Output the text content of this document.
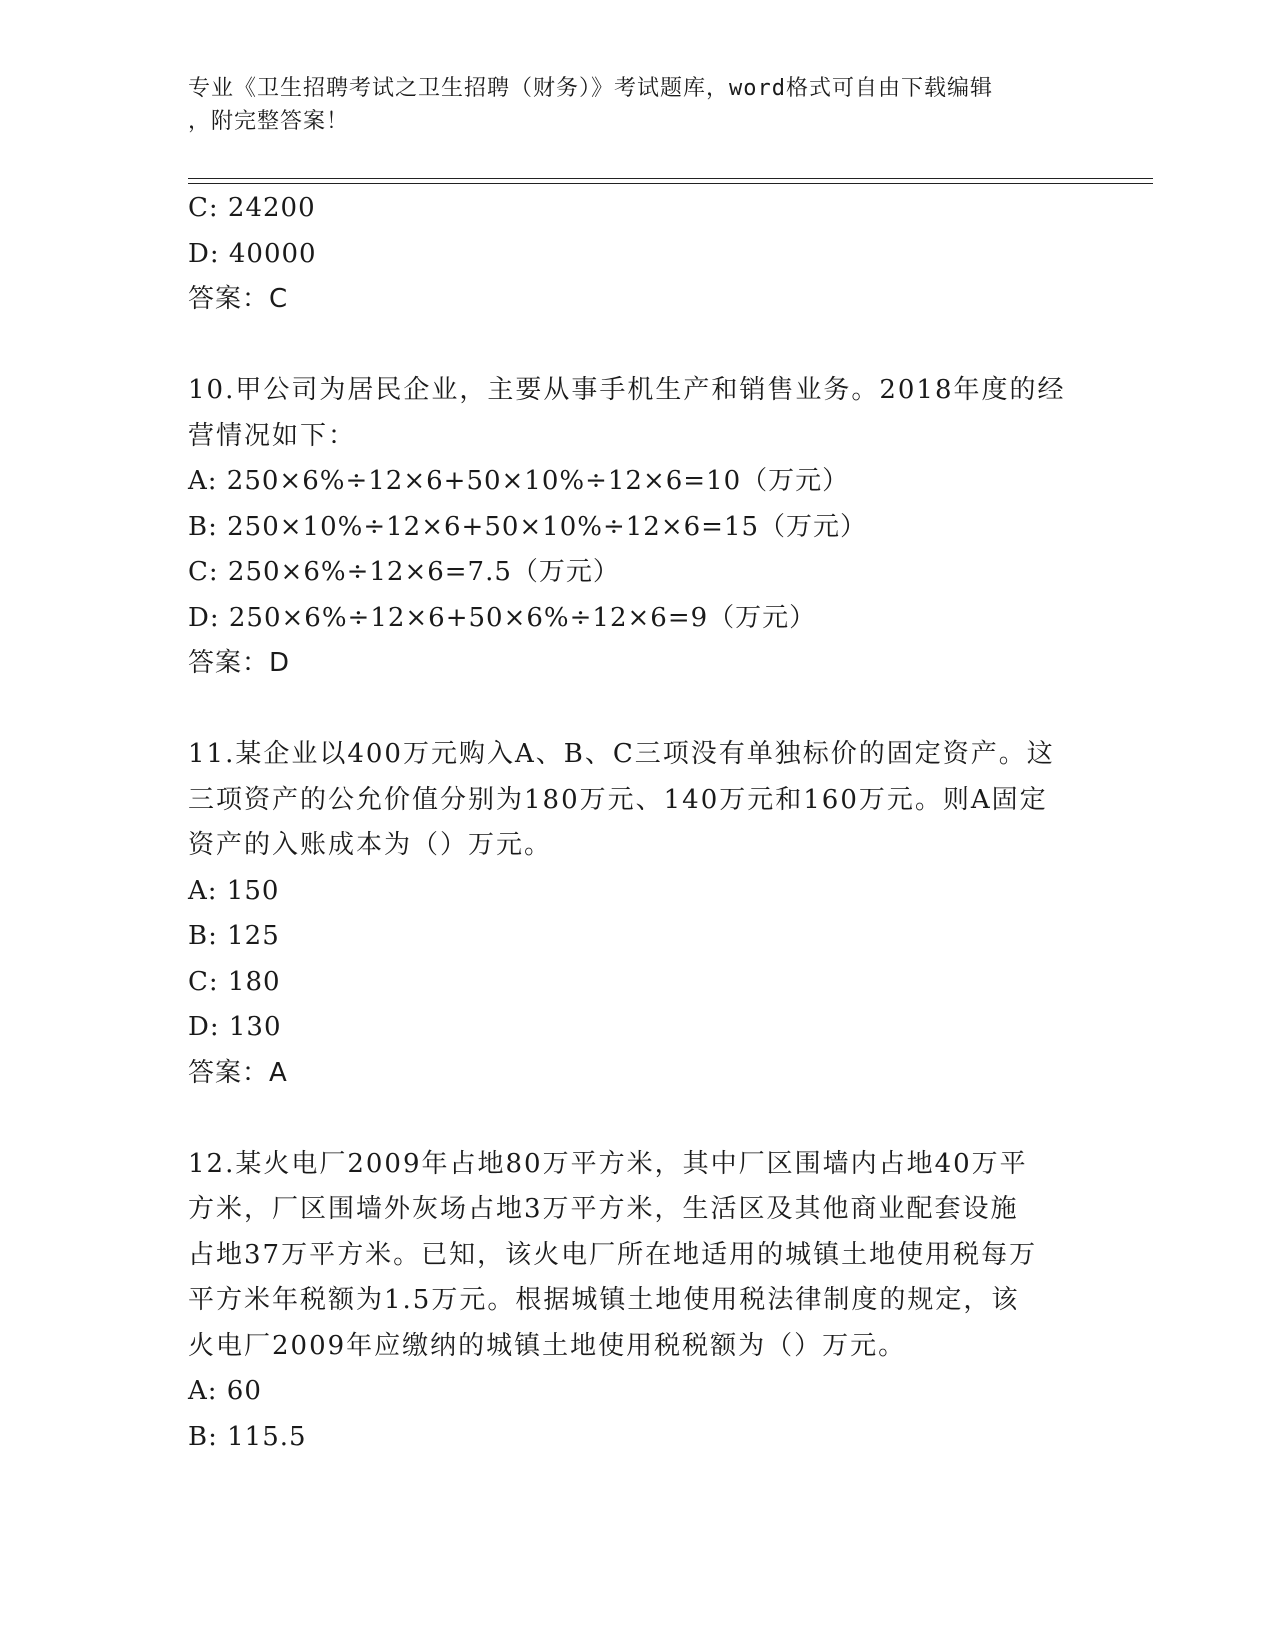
专业《卫生招聘考试之卫生招聘（财务）》考试题库，word格式可自由下载编辑
，附完整答案！
C: 24200
D: 40000
答案：C
10.甲公司为居民企业，主要从事手机生产和销售业务。2018年度的经
营情况如下：
A: 250×6%÷12×6+50×10%÷12×6=10（万元）
B: 250×10%÷12×6+50×10%÷12×6=15（万元）
C: 250×6%÷12×6=7.5（万元）
D: 250×6%÷12×6+50×6%÷12×6=9（万元）
答案：D
11.某企业以400万元购入A、B、C三项没有单独标价的固定资产。这
三项资产的公允价值分别为180万元、140万元和160万元。则A固定
资产的入账成本为（）万元。
A: 150
B: 125
C: 180
D: 130
答案：A
12.某火电厂2009年占地80万平方米，其中厂区围墙内占地40万平
方米，厂区围墙外灰场占地3万平方米，生活区及其他商业配套设施
占地37万平方米。已知，该火电厂所在地适用的城镇土地使用税每万
平方米年税额为1.5万元。根据城镇土地使用税法律制度的规定，该
火电厂2009年应缴纳的城镇土地使用税税额为（）万元。
A: 60
B: 115.5
